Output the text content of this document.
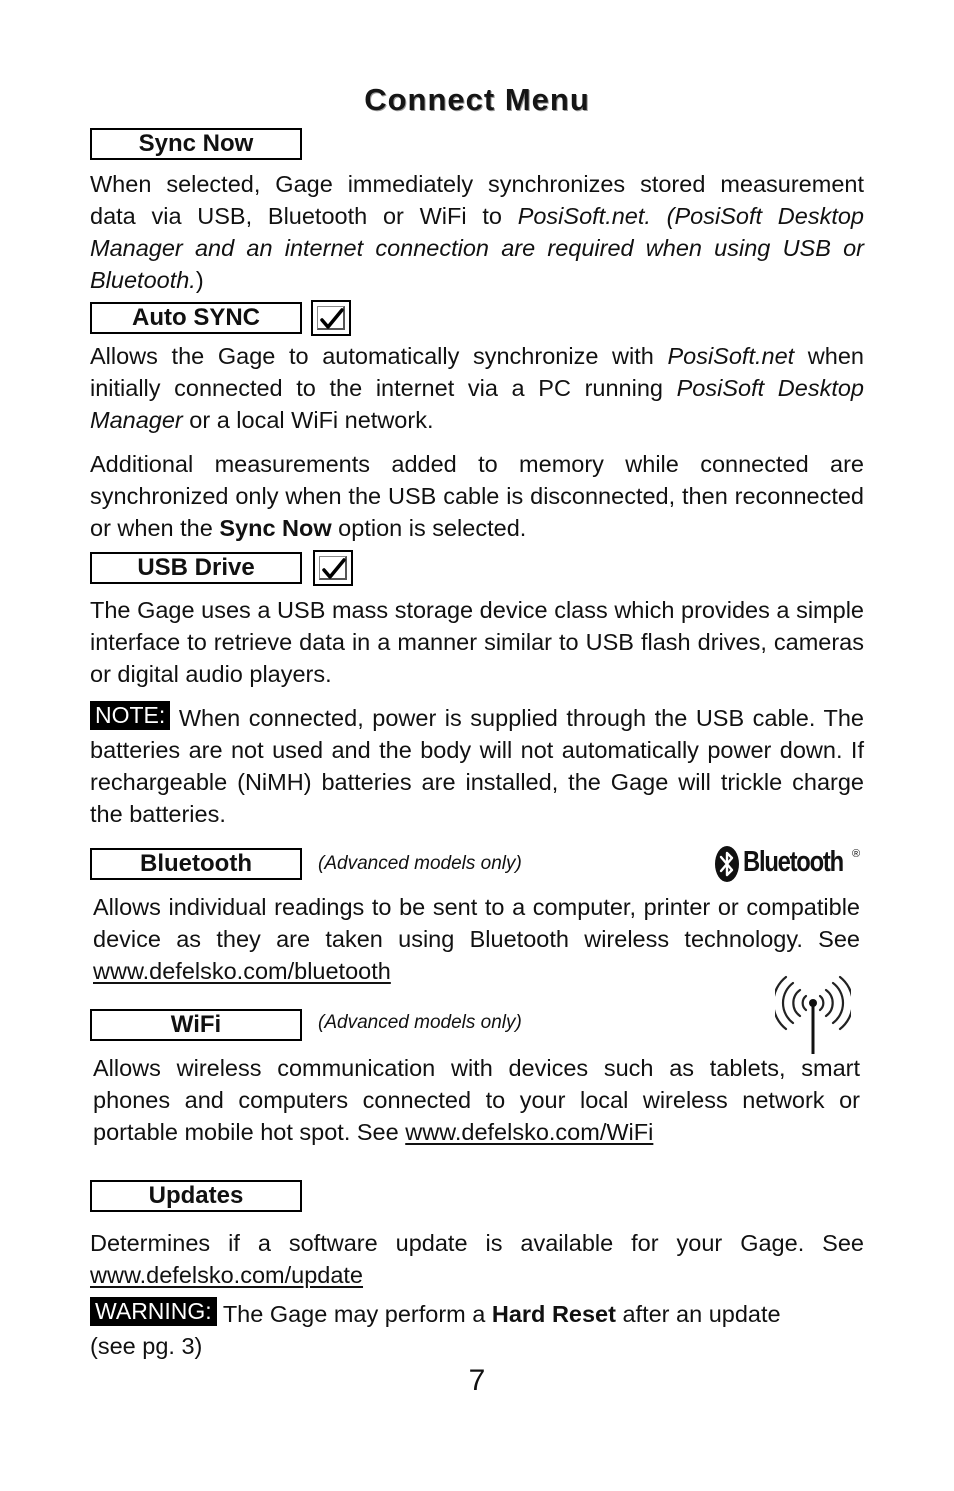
Connect Menu
Sync Now

When selected, Gage immediately synchronizes stored measurement data via USB, Bluetooth or WiFi to PosiSoft.net. (PosiSoft Desktop Manager and an internet connection are required when using USB or Bluetooth.)

Auto SYNC

Allows the Gage to automatically synchronize with PosiSoft.net when initially connected to the internet via a PC running PosiSoft Desktop Manager or a local WiFi network.

Additional measurements added to memory while connected are synchronized only when the USB cable is disconnected, then reconnected or when the Sync Now option is selected.

USB Drive

The Gage uses a USB mass storage device class which provides a simple interface to retrieve data in a manner similar to USB flash drives, cameras or digital audio players.

NOTE: When connected, power is supplied through the USB cable. The batteries are not used and the body will not automatically power down. If rechargeable (NiMH) batteries are installed, the Gage will trickle charge the batteries.

Bluetooth	(Advanced models only)	Bluetooth ®

Allows individual readings to be sent to a computer, printer or compatible device as they are taken using Bluetooth wireless technology. See www.defelsko.com/bluetooth

WiFi	(Advanced models only)

Allows wireless communication with devices such as tablets, smart phones and computers connected to your local wireless network or portable mobile hot spot. See www.defelsko.com/WiFi

Updates

Determines if a software update is available for your Gage. See www.defelsko.com/update

WARNING: The Gage may perform a Hard Reset after an update (see pg. 3)

7
